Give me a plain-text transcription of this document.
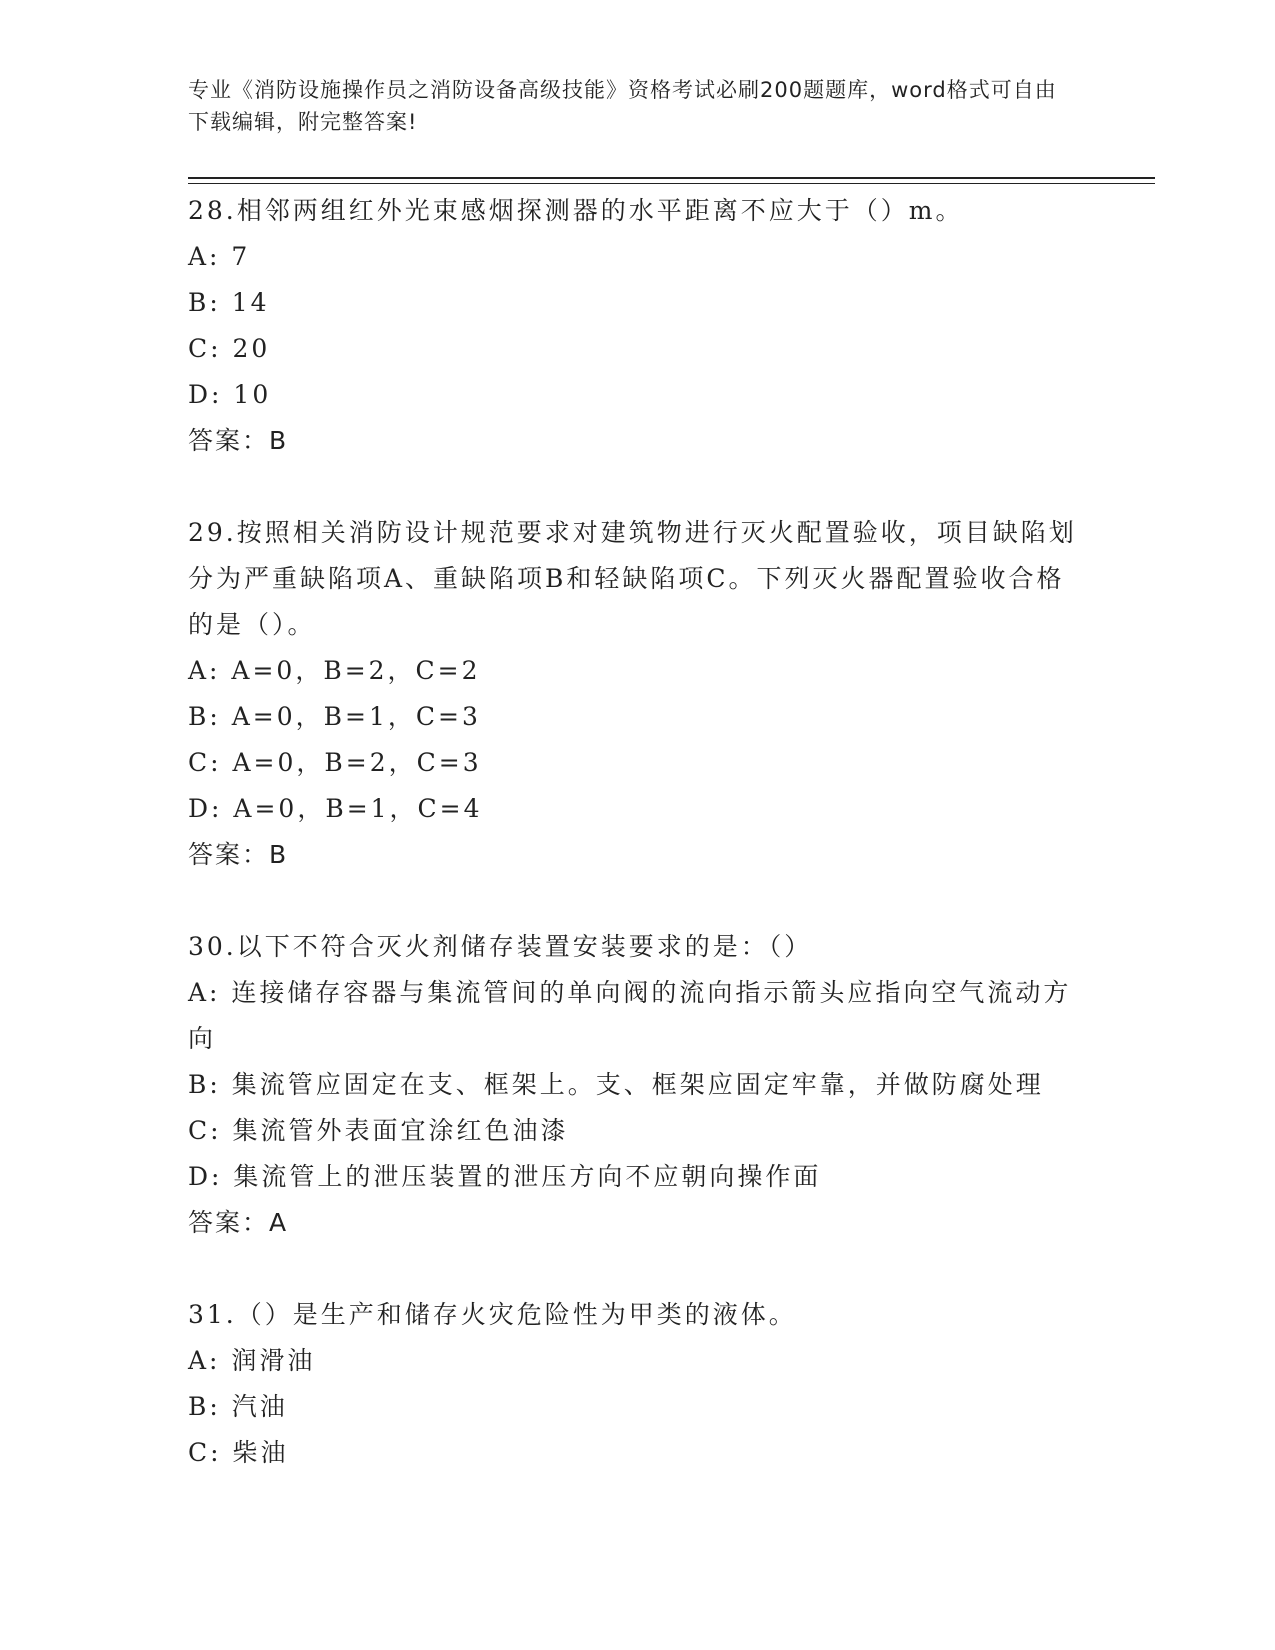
专业《消防设施操作员之消防设备高级技能》资格考试必刷200题题库，word格式可自由下载编辑，附完整答案!

28.相邻两组红外光束感烟探测器的水平距离不应大于（）m。

A: 7

B: 14

C: 20

D: 10

答案：B

29.按照相关消防设计规范要求对建筑物进行灭火配置验收，项目缺陷划分为严重缺陷项A、重缺陷项B和轻缺陷项C。下列灭火器配置验收合格的是（）。

A: A=0，B=2，C=2

B: A=0，B=1，C=3

C: A=0，B=2，C=3

D: A=0，B=1，C=4

答案：B

30.以下不符合灭火剂储存装置安装要求的是：（）

A: 连接储存容器与集流管间的单向阀的流向指示箭头应指向空气流动方向

B: 集流管应固定在支、框架上。支、框架应固定牢靠，并做防腐处理

C: 集流管外表面宜涂红色油漆

D: 集流管上的泄压装置的泄压方向不应朝向操作面

答案：A

31.（）是生产和储存火灾危险性为甲类的液体。

A: 润滑油

B: 汽油

C: 柴油
